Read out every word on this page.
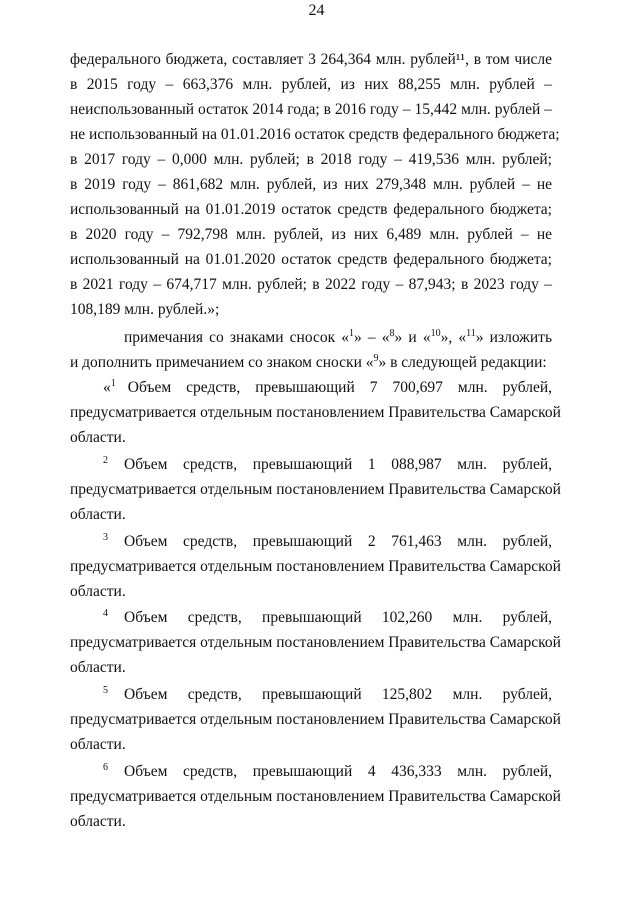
24
федерального бюджета, составляет 3 264,364 млн. рублей¹¹, в том числе
в 2015 году – 663,376 млн. рублей, из них 88,255 млн. рублей –
неиспользованный остаток 2014 года; в 2016 году – 15,442 млн. рублей –
не использованный на 01.01.2016 остаток средств федерального бюджета;
в 2017 году – 0,000 млн. рублей; в 2018 году – 419,536 млн. рублей;
в 2019 году – 861,682 млн. рублей, из них 279,348 млн. рублей – не
использованный на 01.01.2019 остаток средств федерального бюджета;
в 2020 году – 792,798 млн. рублей, из них 6,489 млн. рублей – не
использованный на 01.01.2020 остаток средств федерального бюджета;
в 2021 году – 674,717 млн. рублей; в 2022 году – 87,943; в 2023 году –
108,189 млн. рублей.»;
примечания со знаками сносок «$^1$» – «$^8$» и «$^{10}$», «$^{11}$» изложить
и дополнить примечанием со знаком сноски «$^9$» в следующей редакции:
«$^1$ Объем средств, превышающий 7 700,697 млн. рублей,
предусматривается отдельным постановлением Правительства Самарской
области.
$^2$ Объем средств, превышающий 1 088,987 млн. рублей,
предусматривается отдельным постановлением Правительства Самарской
области.
$^3$ Объем средств, превышающий 2 761,463 млн. рублей,
предусматривается отдельным постановлением Правительства Самарской
области.
$^4$ Объем средств, превышающий 102,260 млн. рублей,
предусматривается отдельным постановлением Правительства Самарской
области.
$^5$ Объем средств, превышающий 125,802 млн. рублей,
предусматривается отдельным постановлением Правительства Самарской
области.
$^6$ Объем средств, превышающий 4 436,333 млн. рублей,
предусматривается отдельным постановлением Правительства Самарской
области.
